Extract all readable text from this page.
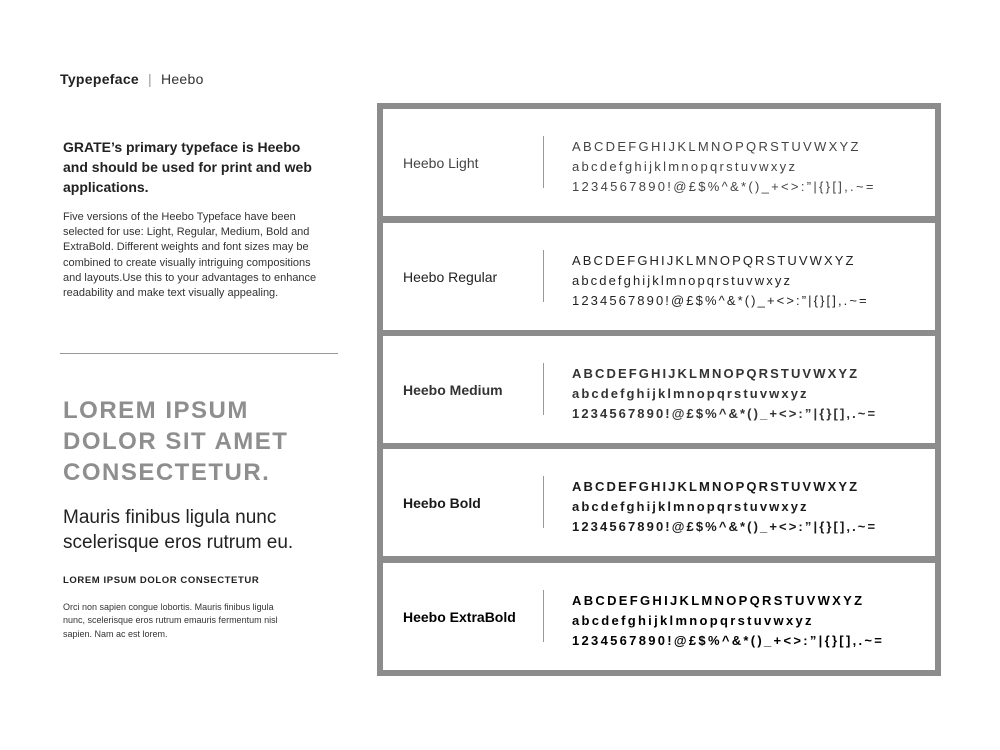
Typepeface | Heebo
GRATE’s primary typeface is Heebo and should be used for print and web applications.
Five versions of the Heebo Typeface have been selected for use: Light, Regular, Medium, Bold and ExtraBold. Different weights and font sizes may be combined to create visually intriguing compositions and layouts.Use this to your advantages to enhance readability and make text visually appealing.
LOREM IPSUM DOLOR SIT AMET CONSECTETUR.
Mauris finibus ligula nunc scelerisque eros rutrum eu.
LOREM IPSUM DOLOR CONSECTETUR
Orci non sapien congue lobortis. Mauris finibus ligula nunc, scelerisque eros rutrum emauris fermentum nisl sapien. Nam ac est lorem.
Heebo Light
ABCDEFGHIJKLMNOPQRSTUVWXYZ
abcdefghijklmnopqrstuvwxyz
1234567890!@£$%^&*()_+<>:”|{}[],.~=
Heebo Regular
ABCDEFGHIJKLMNOPQRSTUVWXYZ
abcdefghijklmnopqrstuvwxyz
1234567890!@£$%^&*()_+<>:”|{}[],.~=
Heebo Medium
ABCDEFGHIJKLMNOPQRSTUVWXYZ
abcdefghijklmnopqrstuvwxyz
1234567890!@£$%^&*()_+<>:”|{}[],.~=
Heebo Bold
ABCDEFGHIJKLMNOPQRSTUVWXYZ
abcdefghijklmnopqrstuvwxyz
1234567890!@£$%^&*()_+<>:”|{}[],.~=
Heebo ExtraBold
ABCDEFGHIJKLMNOPQRSTUVWXYZ
abcdefghijklmnopqrstuvwxyz
1234567890!@£$%^&*()_+<>:”|{}[],.~=
